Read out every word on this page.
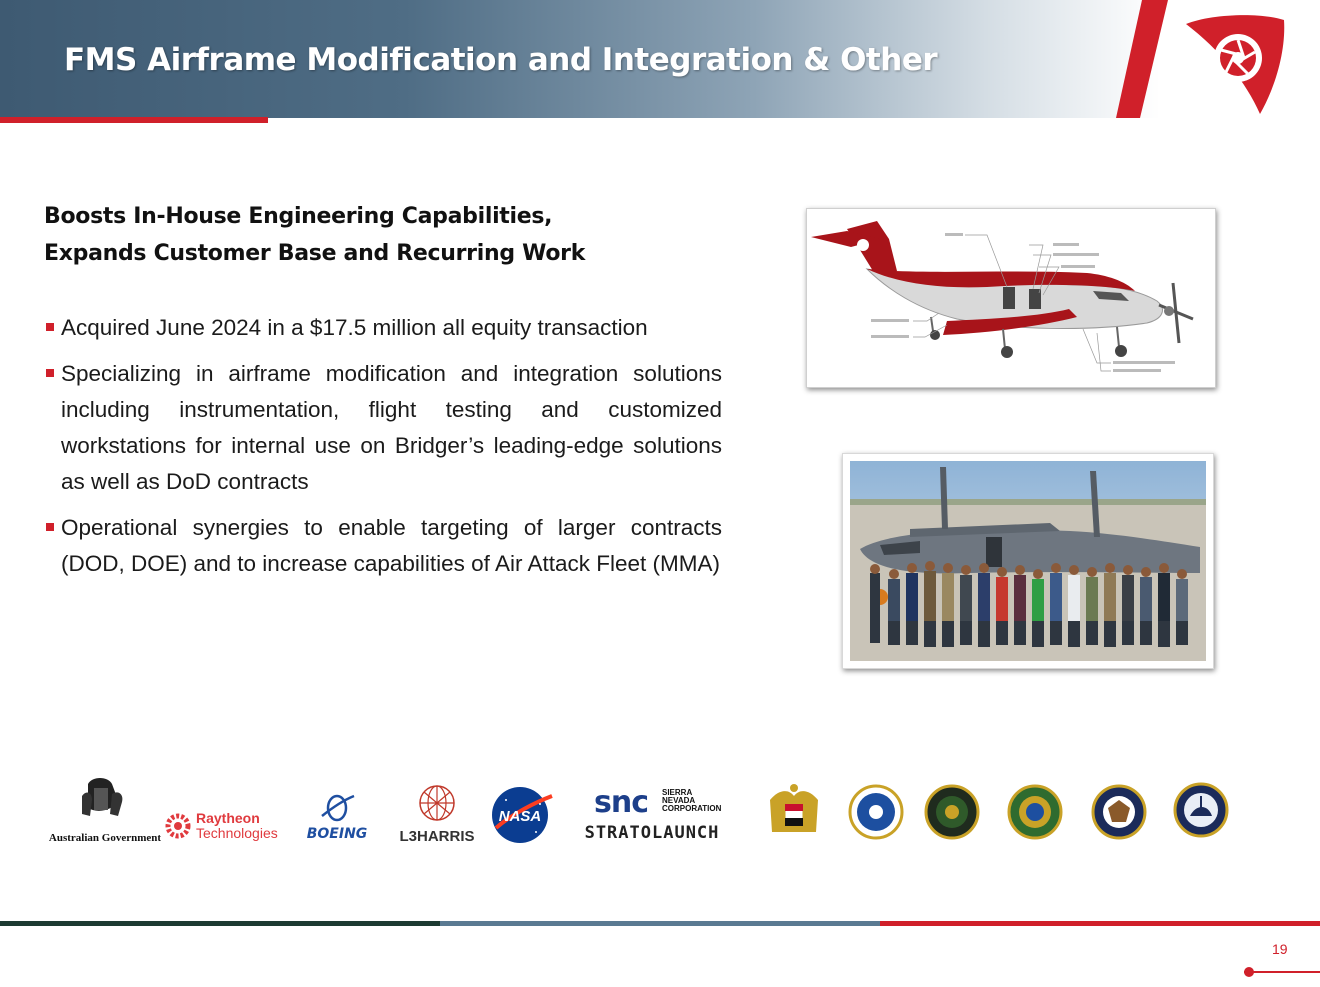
FMS Airframe Modification and Integration & Other
Boosts In-House Engineering Capabilities,
Expands Customer Base and Recurring Work
Acquired June 2024 in a $17.5 million all equity transaction
Specializing in airframe modification and integration solutions including instrumentation, flight testing and customized workstations for internal use on Bridger’s leading-edge solutions as well as DoD contracts
Operational synergies to enable targeting of larger contracts (DOD, DOE) and to increase capabilities of Air Attack Fleet (MMA)
Australian Government
Raytheon
Technologies BOEING L3HARRIS
NASA snc SIERRA
NEVADA
CORPORATION
STRATOLAUNCH
19
